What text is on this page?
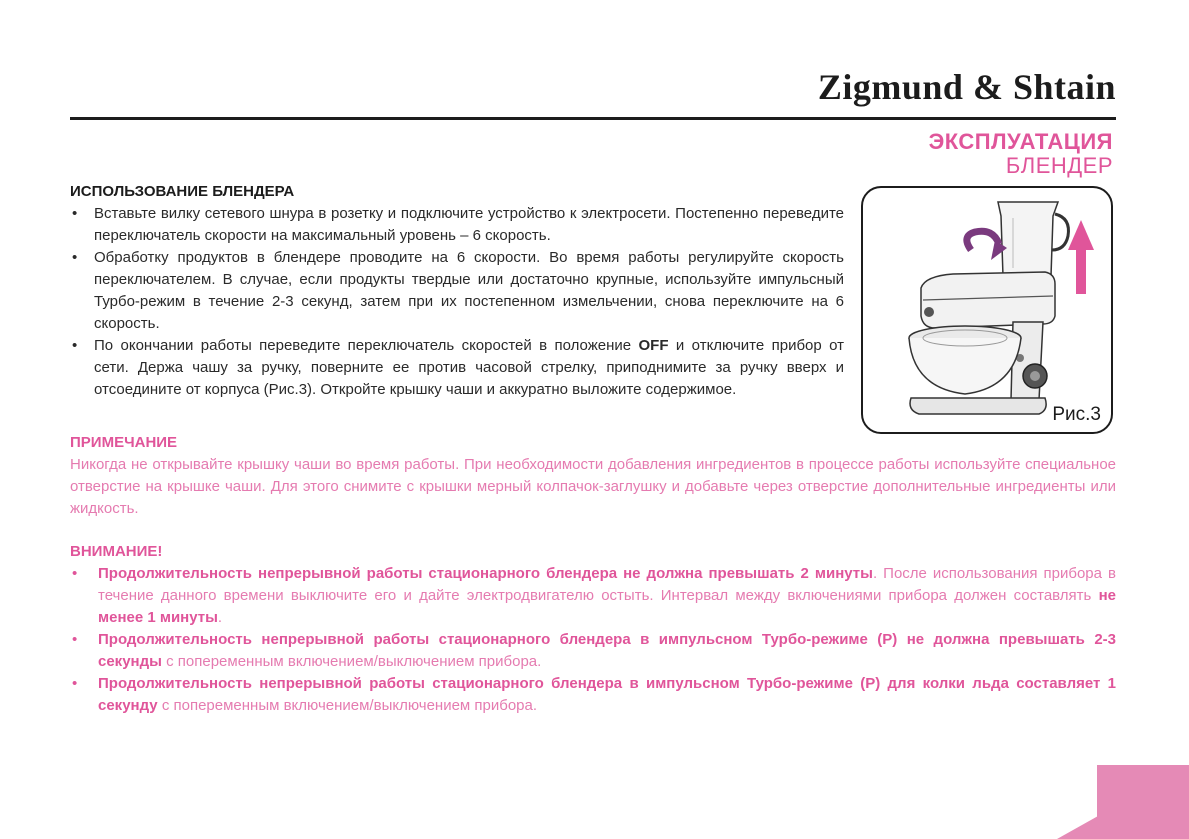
Zigmund & Shtain
ЭКСПЛУАТАЦИЯ
БЛЕНДЕР
ИСПОЛЬЗОВАНИЕ БЛЕНДЕРА
• Вставьте вилку сетевого шнура в розетку и подключите устройство к электросети. Постепенно переведите переключатель скорости на максимальный уровень – 6 скорость.
• Обработку продуктов в блендере проводите на 6 скорости. Во время работы регулируйте скорость переключателем. В случае, если продукты твердые или достаточно крупные, используйте импульсный Турбо-режим в течение 2-3 секунд, затем при их постепенном измельчении, снова переключите на 6 скорость.
• По окончании работы переведите переключатель скоростей в положение OFF и отключите прибор от сети. Держа чашу за ручку, поверните ее против часовой стрелку, приподнимите за ручку вверх и отсоедините от корпуса (Рис.3). Откройте крышку чаши и аккуратно выложите содержимое.
Рис.3
ПРИМЕЧАНИЕ

Никогда не открывайте крышку чаши во время работы. При необходимости добавления ингредиентов в процессе работы используйте специальное отверстие на крышке чаши. Для этого снимите с крышки мерный колпачок-заглушку и добавьте через отверстие дополнительные ингредиенты или жидкость.

ВНИМАНИЕ!
• Продолжительность непрерывной работы стационарного блендера не должна превышать 2 минуты. После использования прибора в течение данного времени выключите его и дайте электродвигателю остыть. Интервал между включениями прибора должен составлять не менее 1 минуты.
• Продолжительность непрерывной работы стационарного блендера в импульсном Турбо-режиме (P) не должна превышать 2-3 секунды с попеременным включением/выключением прибора.
• Продолжительность непрерывной работы стационарного блендера в импульсном Турбо-режиме (P) для колки льда составляет 1 секунду с попеременным включением/выключением прибора.
